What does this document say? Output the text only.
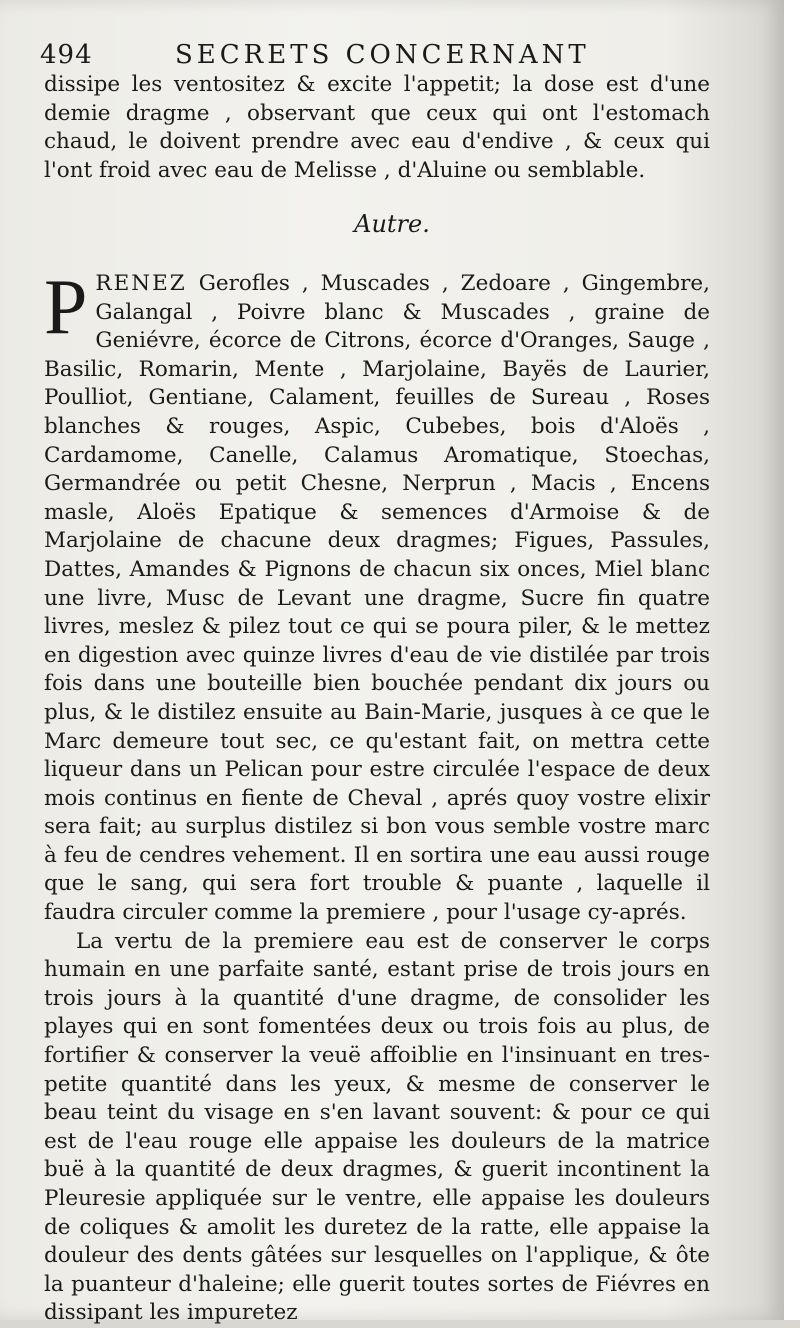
494	SECRETS CONCERNANT

dissipe les ventositez & excite l'appetit; la dose est d'une demie dragme , observant que ceux qui ont l'estomach chaud, le doivent prendre avec eau d'endive , & ceux qui l'ont froid avec eau de Melisse , d'Aluine ou semblable.

Autre.

PRENEZ Gerofles , Muscades , Zedoare , Gingembre, Galangal , Poivre blanc & Muscades , graine de Geniévre, écorce de Citrons, écorce d'Oranges, Sauge , Basilic, Romarin, Mente , Marjolaine, Bayës de Laurier, Poulliot, Gentiane, Calament, feuilles de Sureau , Roses blanches & rouges, Aspic, Cubebes, bois d'Aloës , Cardamome, Canelle, Calamus Aromatique, Stoechas, Germandrée ou petit Chesne, Nerprun , Macis , Encens masle, Aloës Epatique & semences d'Armoise & de Marjolaine de chacune deux dragmes; Figues, Passules, Dattes, Amandes & Pignons de chacun six onces, Miel blanc une livre, Musc de Levant une dragme, Sucre fin quatre livres, meslez & pilez tout ce qui se poura piler, & le mettez en digestion avec quinze livres d'eau de vie distilée par trois fois dans une bouteille bien bouchée pendant dix jours ou plus, & le distilez ensuite au Bain-Marie, jusques à ce que le Marc demeure tout sec, ce qu'estant fait, on mettra cette liqueur dans un Pelican pour estre circulée l'espace de deux mois continus en fiente de Cheval , aprés quoy vostre elixir sera fait; au surplus distilez si bon vous semble vostre marc à feu de cendres vehement. Il en sortira une eau aussi rouge que le sang, qui sera fort trouble & puante , laquelle il faudra circuler comme la premiere , pour l'usage cy-aprés.

La vertu de la premiere eau est de conserver le corps humain en une parfaite santé, estant prise de trois jours en trois jours à la quantité d'une dragme, de consolider les playes qui en sont fomentées deux ou trois fois au plus, de fortifier & conserver la veuë affoiblie en l'insinuant en tres-petite quantité dans les yeux, & mesme de conserver le beau teint du visage en s'en lavant souvent: & pour ce qui est de l'eau rouge elle appaise les douleurs de la matrice buë à la quantité de deux dragmes, & guerit incontinent la Pleuresie appliquée sur le ventre, elle appaise les douleurs de coliques & amolit les duretez de la ratte, elle appaise la douleur des dents gâtées sur lesquelles on l'applique, & ôte la puanteur d'haleine; elle guerit toutes sortes de Fiévres en dissipant les impuretez
